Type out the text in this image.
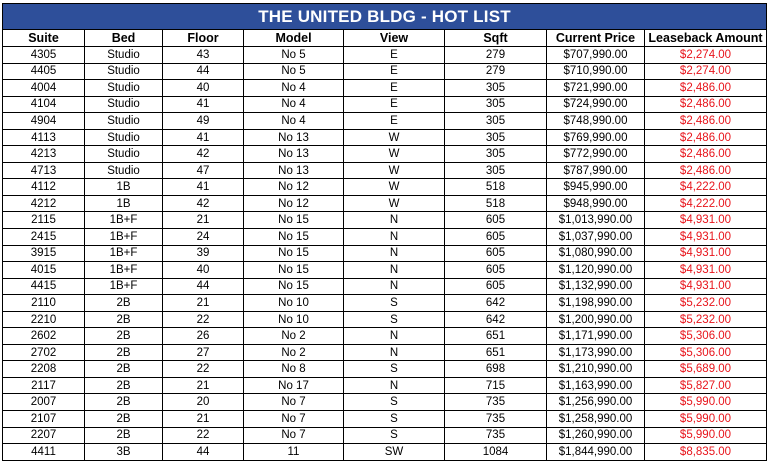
THE UNITED BLDG - HOT LIST							
Suite	Bed	Floor	Model	View	Sqft	Current Price	Leaseback Amount
4305	Studio	43	No 5	E	279	$707,990.00	$2,274.00
4405	Studio	44	No 5	E	279	$710,990.00	$2,274.00
4004	Studio	40	No 4	E	305	$721,990.00	$2,486.00
4104	Studio	41	No 4	E	305	$724,990.00	$2,486.00
4904	Studio	49	No 4	E	305	$748,990.00	$2,486.00
4113	Studio	41	No 13	W	305	$769,990.00	$2,486.00
4213	Studio	42	No 13	W	305	$772,990.00	$2,486.00
4713	Studio	47	No 13	W	305	$787,990.00	$2,486.00
4112	1B	41	No 12	W	518	$945,990.00	$4,222.00
4212	1B	42	No 12	W	518	$948,990.00	$4,222.00
2115	1B+F	21	No 15	N	605	$1,013,990.00	$4,931.00
2415	1B+F	24	No 15	N	605	$1,037,990.00	$4,931.00
3915	1B+F	39	No 15	N	605	$1,080,990.00	$4,931.00
4015	1B+F	40	No 15	N	605	$1,120,990.00	$4,931.00
4415	1B+F	44	No 15	N	605	$1,132,990.00	$4,931.00
2110	2B	21	No 10	S	642	$1,198,990.00	$5,232.00
2210	2B	22	No 10	S	642	$1,200,990.00	$5,232.00
2602	2B	26	No 2	N	651	$1,171,990.00	$5,306.00
2702	2B	27	No 2	N	651	$1,173,990.00	$5,306.00
2208	2B	22	No 8	S	698	$1,210,990.00	$5,689.00
2117	2B	21	No 17	N	715	$1,163,990.00	$5,827.00
2007	2B	20	No 7	S	735	$1,256,990.00	$5,990.00
2107	2B	21	No 7	S	735	$1,258,990.00	$5,990.00
2207	2B	22	No 7	S	735	$1,260,990.00	$5,990.00
4411	3B	44	11	SW	1084	$1,844,990.00	$8,835.00
